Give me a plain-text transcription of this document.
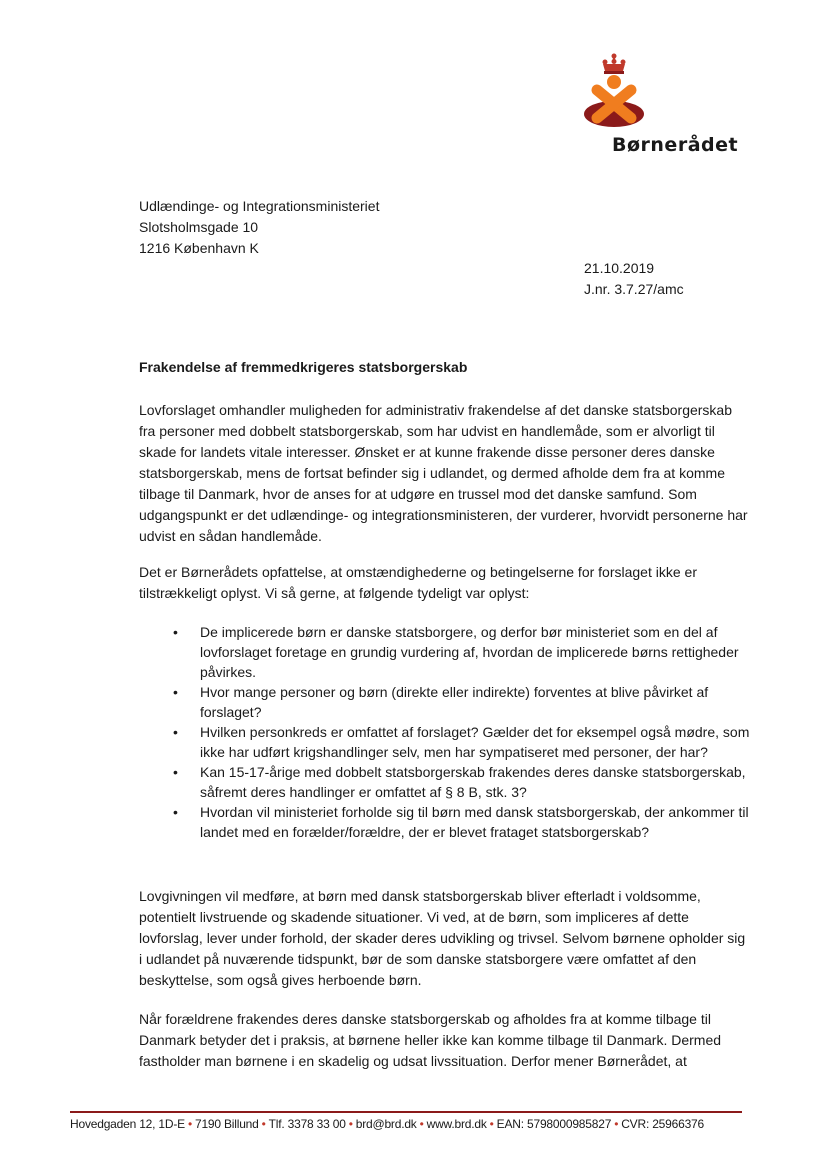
Børnerådet
Udlændinge- og Integrationsministeriet
Slotsholmsgade 10
1216 København K
21.10.2019
J.nr. 3.7.27/amc
Frakendelse af fremmedkrigeres statsborgerskab

Lovforslaget omhandler muligheden for administrativ frakendelse af det danske statsborgerskab fra personer med dobbelt statsborgerskab, som har udvist en handlemåde, som er alvorligt til skade for landets vitale interesser. Ønsket er at kunne frakende disse personer deres danske statsborgerskab, mens de fortsat befinder sig i udlandet, og dermed afholde dem fra at komme tilbage til Danmark, hvor de anses for at udgøre en trussel mod det danske samfund. Som udgangspunkt er det udlændinge- og integrationsministeren, der vurderer, hvorvidt personerne har udvist en sådan handlemåde.

Det er Børnerådets opfattelse, at omstændighederne og betingelserne for forslaget ikke er tilstrækkeligt oplyst. Vi så gerne, at følgende tydeligt var oplyst:

• De implicerede børn er danske statsborgere, og derfor bør ministeriet som en del af lovforslaget foretage en grundig vurdering af, hvordan de implicerede børns rettigheder påvirkes.
• Hvor mange personer og børn (direkte eller indirekte) forventes at blive påvirket af forslaget?
• Hvilken personkreds er omfattet af forslaget? Gælder det for eksempel også mødre, som ikke har udført krigshandlinger selv, men har sympatiseret med personer, der har?
• Kan 15-17-årige med dobbelt statsborgerskab frakendes deres danske statsborgerskab, såfremt deres handlinger er omfattet af § 8 B, stk. 3?
• Hvordan vil ministeriet forholde sig til børn med dansk statsborgerskab, der ankommer til landet med en forælder/forældre, der er blevet frataget statsborgerskab?

Lovgivningen vil medføre, at børn med dansk statsborgerskab bliver efterladt i voldsomme, potentielt livstruende og skadende situationer. Vi ved, at de børn, som impliceres af dette lovforslag, lever under forhold, der skader deres udvikling og trivsel. Selvom børnene opholder sig i udlandet på nuværende tidspunkt, bør de som danske statsborgere være omfattet af den beskyttelse, som også gives herboende børn.

Når forældrene frakendes deres danske statsborgerskab og afholdes fra at komme tilbage til Danmark betyder det i praksis, at børnene heller ikke kan komme tilbage til Danmark. Dermed fastholder man børnene i en skadelig og udsat livssituation. Derfor mener Børnerådet, at

Hovedgaden 12, 1D-E • 7190 Billund • Tlf. 3378 33 00 • brd@brd.dk • www.brd.dk • EAN: 5798000985827 • CVR: 25966376
